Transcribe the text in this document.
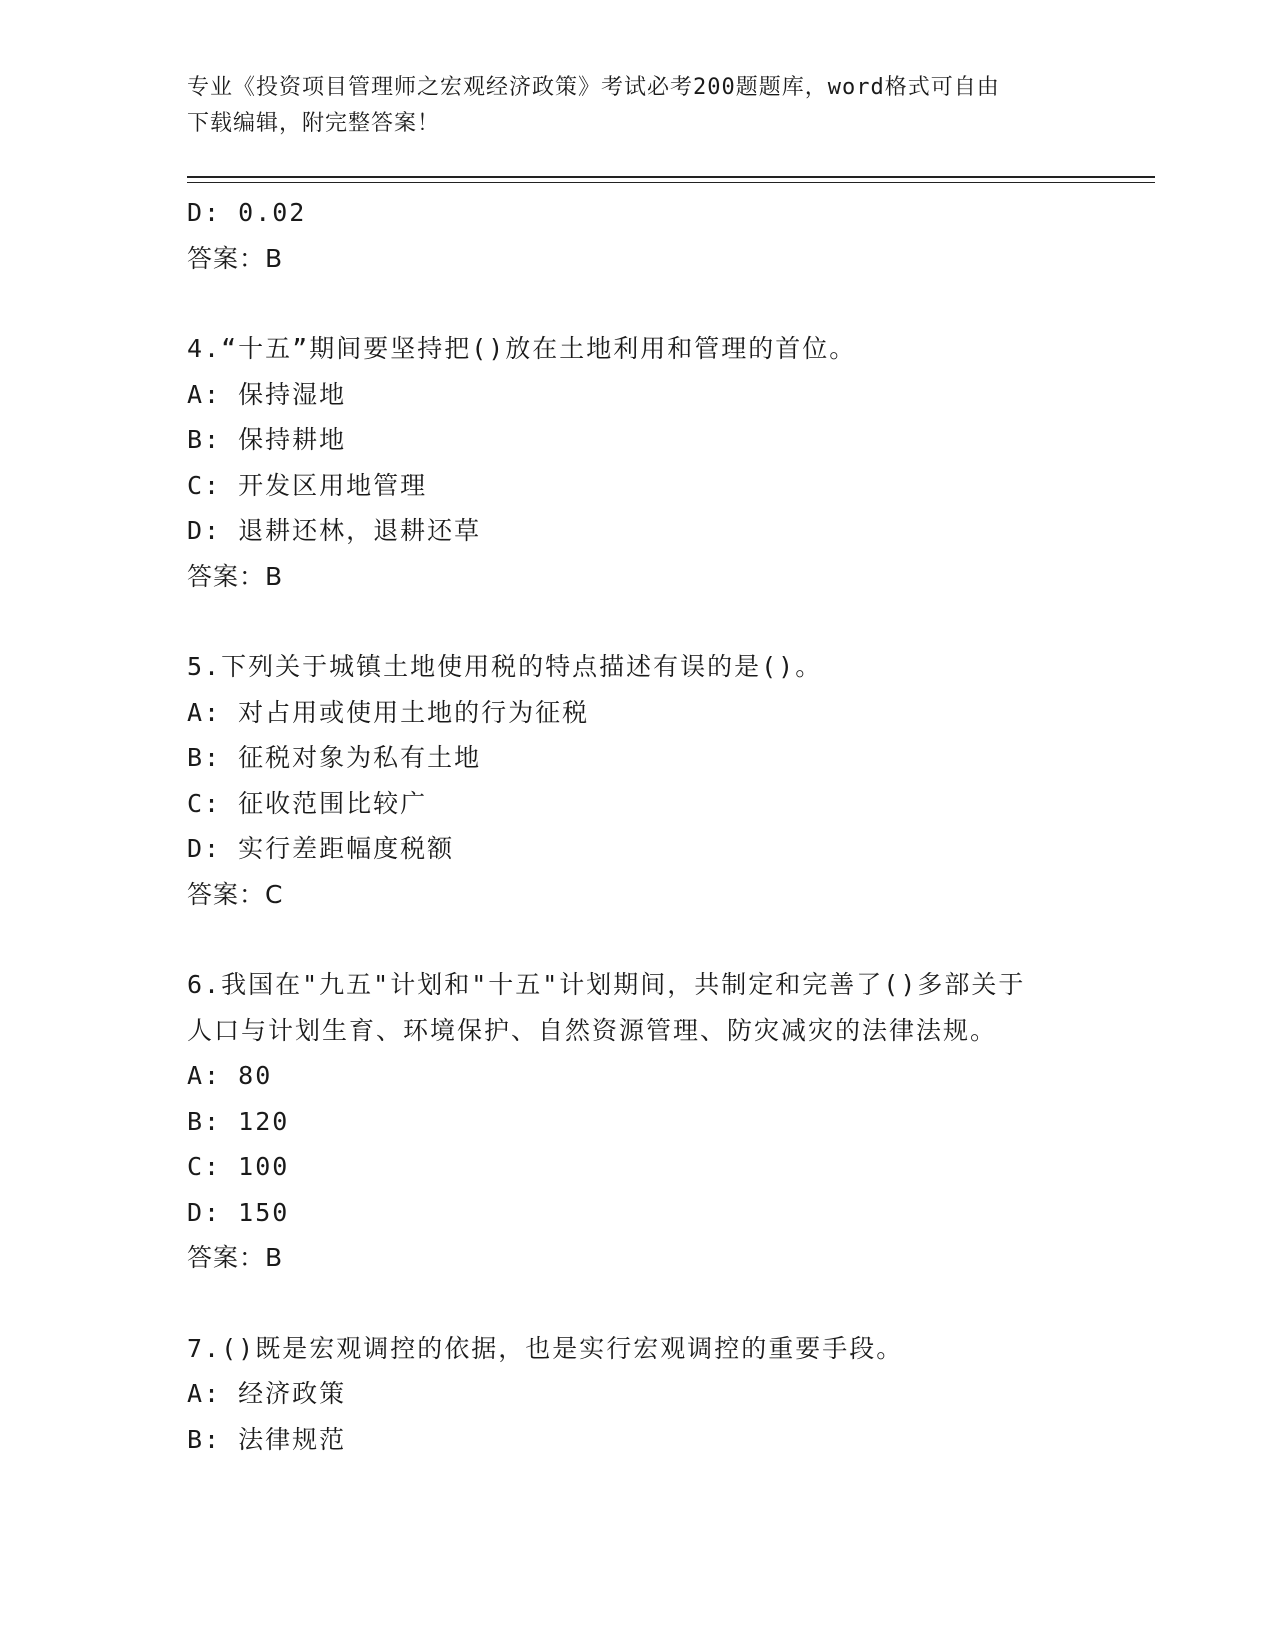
专业《投资项目管理师之宏观经济政策》考试必考200题题库，word格式可自由
下载编辑，附完整答案！
D: 0.02
答案：B
4.“十五”期间要坚持把()放在土地利用和管理的首位。
A: 保持湿地
B: 保持耕地
C: 开发区用地管理
D: 退耕还林，退耕还草
答案：B
5.下列关于城镇土地使用税的特点描述有误的是()。
A: 对占用或使用土地的行为征税
B: 征税对象为私有土地
C: 征收范围比较广
D: 实行差距幅度税额
答案：C
6.我国在"九五"计划和"十五"计划期间，共制定和完善了()多部关于
人口与计划生育、环境保护、自然资源管理、防灾减灾的法律法规。
A: 80
B: 120
C: 100
D: 150
答案：B
7.()既是宏观调控的依据，也是实行宏观调控的重要手段。
A: 经济政策
B: 法律规范
